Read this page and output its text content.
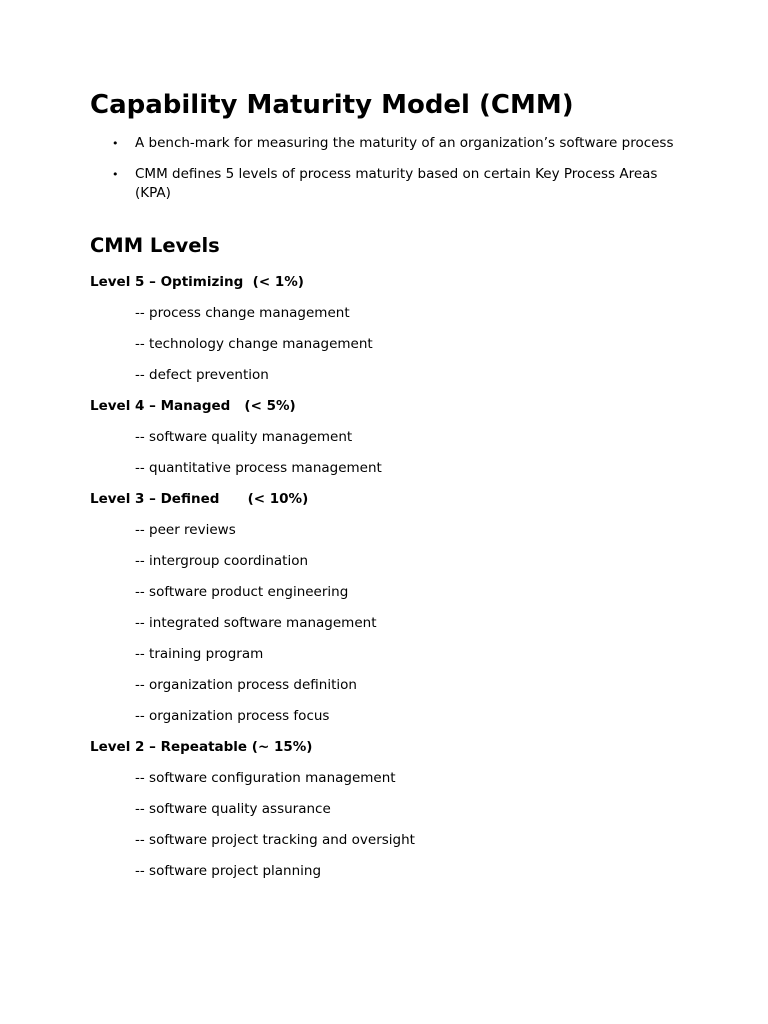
Capability Maturity Model (CMM)
• A bench-mark for measuring the maturity of an organization’s software process
• CMM defines 5 levels of process maturity based on certain Key Process Areas (KPA)
CMM Levels

Level 5 – Optimizing  (< 1%)

-- process change management

-- technology change management

-- defect prevention

Level 4 – Managed   (< 5%)

-- software quality management

-- quantitative process management

Level 3 – Defined      (< 10%)

-- peer reviews

-- intergroup coordination

-- software product engineering

-- integrated software management

-- training program

-- organization process definition

-- organization process focus

Level 2 – Repeatable (~ 15%)

-- software configuration management

-- software quality assurance

-- software project tracking and oversight

-- software project planning
